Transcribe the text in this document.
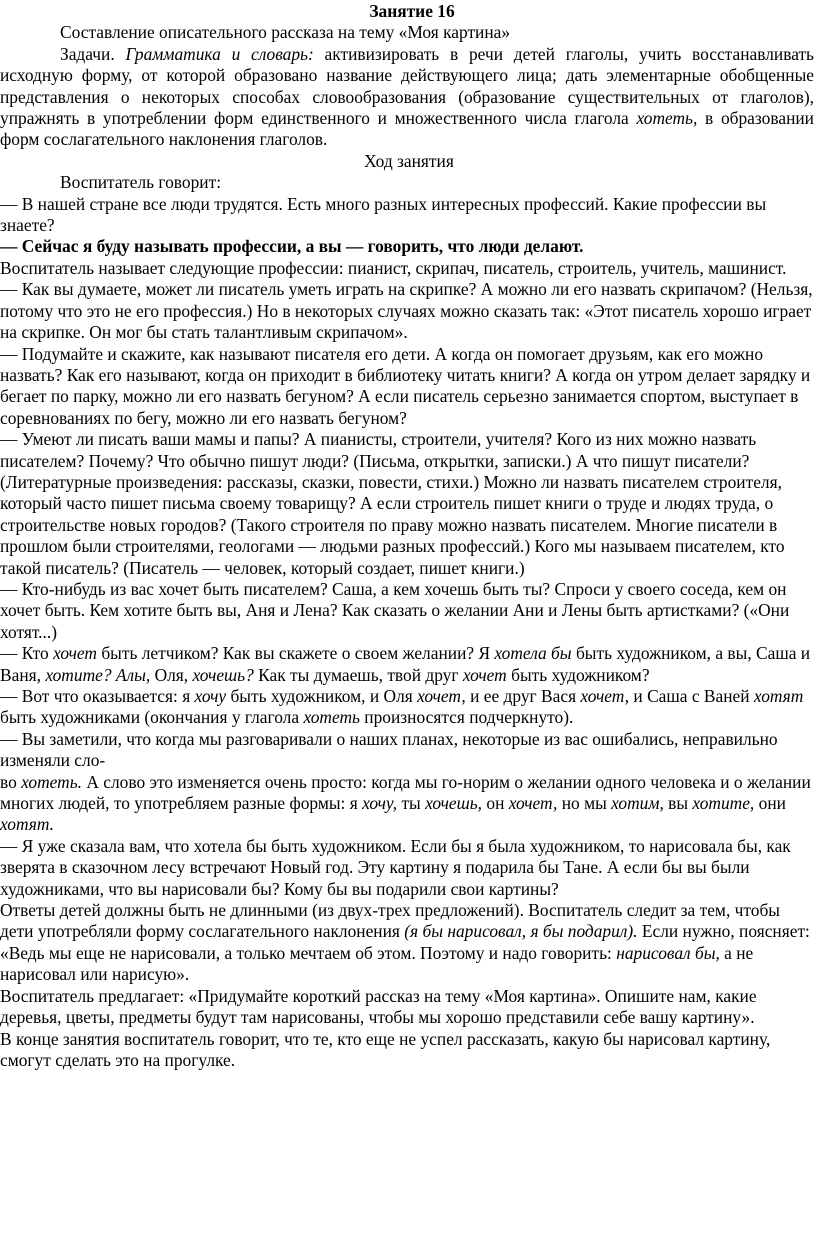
Занятие 16

Составление описательного рассказа на тему «Моя картина»

Задачи. Грамматика и словарь: активизировать в речи детей глаголы, учить восстанавливать исходную форму, от которой образовано название действующего лица; дать элементарные обобщенные представления о некоторых способах словообразования (образование существительных от глаголов), упражнять в употреблении форм единственного и множественного числа глагола хотеть, в образовании форм сослагательного наклонения глаголов.

Ход занятия

Воспитатель говорит:

— В нашей стране все люди трудятся. Есть много разных интересных профессий. Какие профессии вы знаете?

— Сейчас я буду называть профессии, а вы — говорить, что люди делают.

Воспитатель называет следующие профессии: пианист, скрипач, писатель, строитель, учитель, машинист.

— Как вы думаете, может ли писатель уметь играть на скрипке? А можно ли его назвать скрипачом? (Нельзя, потому что это не его профессия.) Но в некоторых случаях можно сказать так: «Этот писатель хорошо играет на скрипке. Он мог бы стать талантливым скрипачом».

— Подумайте и скажите, как называют писателя его дети. А когда он помогает друзьям, как его можно назвать? Как его называют, когда он приходит в библиотеку читать книги? А когда он утром делает зарядку и бегает по парку, можно ли его назвать бегуном? А если писатель серьезно занимается спортом, выступает в соревнованиях по бегу, можно ли его назвать бегуном?

— Умеют ли писать ваши мамы и папы? А пианисты, строители, учителя? Кого из них можно назвать писателем? Почему? Что обычно пишут люди? (Письма, открытки, записки.) А что пишут писатели? (Литературные произведения: рассказы, сказки, повести, стихи.) Можно ли назвать писателем строителя, который часто пишет письма своему товарищу? А если строитель пишет книги о труде и людях труда, о строительстве новых городов? (Такого строителя по праву можно назвать писателем. Многие писатели в прошлом были строителями, геологами — людьми разных профессий.) Кого мы называем писателем, кто такой писатель? (Писатель — человек, который создает, пишет книги.)

— Кто-нибудь из вас хочет быть писателем? Саша, а кем хочешь быть ты? Спроси у своего соседа, кем он хочет быть. Кем хотите быть вы, Аня и Лена? Как сказать о желании Ани и Лены быть артистками? («Они хотят...)

— Кто хочет быть летчиком? Как вы скажете о своем желании? Я хотела бы быть художником, а вы, Саша и Ваня, хотите? Алы, Оля, хочешь? Как ты думаешь, твой друг хочет быть художником?

— Вот что оказывается: я хочу быть художником, и Оля хочет, и ее друг Вася хочет, и Саша с Ваней хотят быть художниками (окончания у глагола хотеть произносятся подчеркнуто).

— Вы заметили, что когда мы разговаривали о наших планах, некоторые из вас ошибались, неправильно изменяли сло-

во хотеть. А слово это изменяется очень просто: когда мы го-норим о желании одного человека и о желании многих людей, то употребляем разные формы: я хочу, ты хочешь, он хочет, но мы хотим, вы хотите, они хотят.

— Я уже сказала вам, что хотела бы быть художником. Если бы я была художником, то нарисовала бы, как зверята в сказочном лесу встречают Новый год. Эту картину я подарила бы Тане. А если бы вы были художниками, что вы нарисовали бы? Кому бы вы подарили свои картины?

Ответы детей должны быть не длинными (из двух-трех предложений). Воспитатель следит за тем, чтобы дети употребляли форму сослагательного наклонения (я бы нарисовал, я бы подарил). Если нужно, поясняет: «Ведь мы еще не нарисовали, а только мечтаем об этом. Поэтому и надо говорить: нарисовал бы, а не нарисовал или нарисую».

Воспитатель предлагает: «Придумайте короткий рассказ на тему «Моя картина». Опишите нам, какие деревья, цветы, предметы будут там нарисованы, чтобы мы хорошо представили себе вашу картину».

В конце занятия воспитатель говорит, что те, кто еще не успел рассказать, какую бы нарисовал картину, смогут сделать это на прогулке.
